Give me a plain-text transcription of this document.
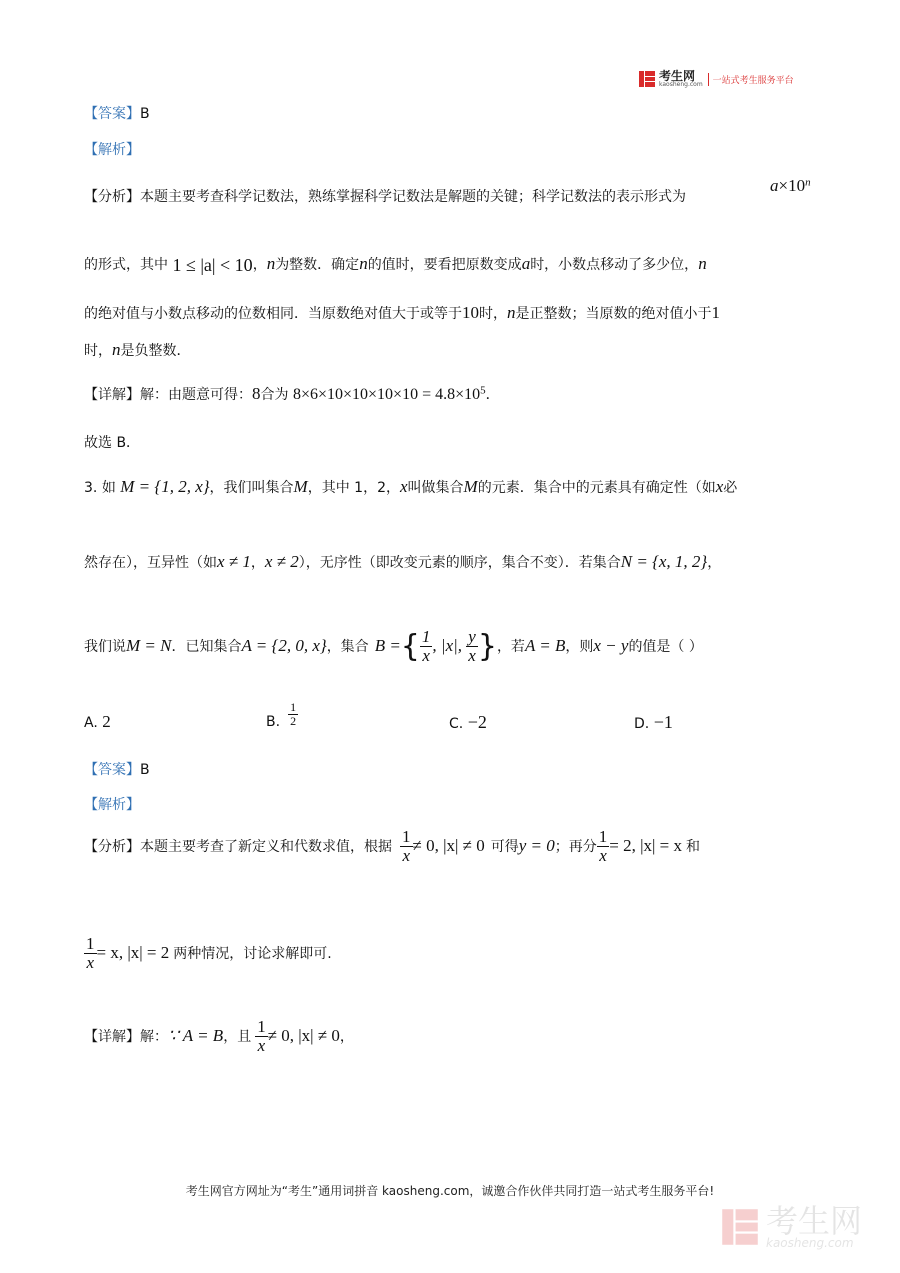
考生网
kaosheng.com	一站式考生服务平台
【答案】B
【解析】
【分析】本题主要考查科学记数法，熟练掌握科学记数法是解题的关键；科学记数法的表示形式为
$a\times 10^n$
的形式，其中 1 ≤ |a| < 10，n为整数．确定n的值时，要看把原数变成a时，小数点移动了多少位，n
的绝对值与小数点移动的位数相同．当原数绝对值大于或等于10时，n是正整数；当原数的绝对值小于1
时，n是负整数．
【详解】解：由题意可得：8合为 $8\times 6\times 10\times 10\times 10\times 10 = 4.8\times 10^5$．
故选 B．
3. 如 M = {1, 2, x}，我们叫集合M，其中 1，2，x叫做集合M的元素．集合中的元素具有确定性（如x必
然存在），互异性（如x ≠ 1，x ≠ 2），无序性（即改变元素的顺序，集合不变）．若集合N = {x, 1, 2}，
我们说 M = N ．已知集合 A = {2, 0, x} ，集合 B = { $\frac{1}{x}$ , |x|, $\frac{y}{x}$ } ，若 A = B ，则 x − y 的值是（ ）
A. 2	B. $\frac{1}{2}$	C. −2	D. −1
【答案】B
【解析】
【分析】 本题主要考查了新定义和代数求值，根据 $\frac{1}{x} \ne 0$, |x| ≠ 0 可得 y = 0 ；再分 $\frac{1}{x} = 2$, |x| = x 和
$\frac{1}{x} = x$, |x| = 2 两种情况，讨论求解即可.
【详解】 解： ∵ A = B ，且 $\frac{1}{x} \ne 0$, |x| ≠ 0 ，
考生网官方网址为“考生”通用词拼音 kaosheng.com，诚邀合作伙伴共同打造一站式考生服务平台!
考生网
kaosheng.com
